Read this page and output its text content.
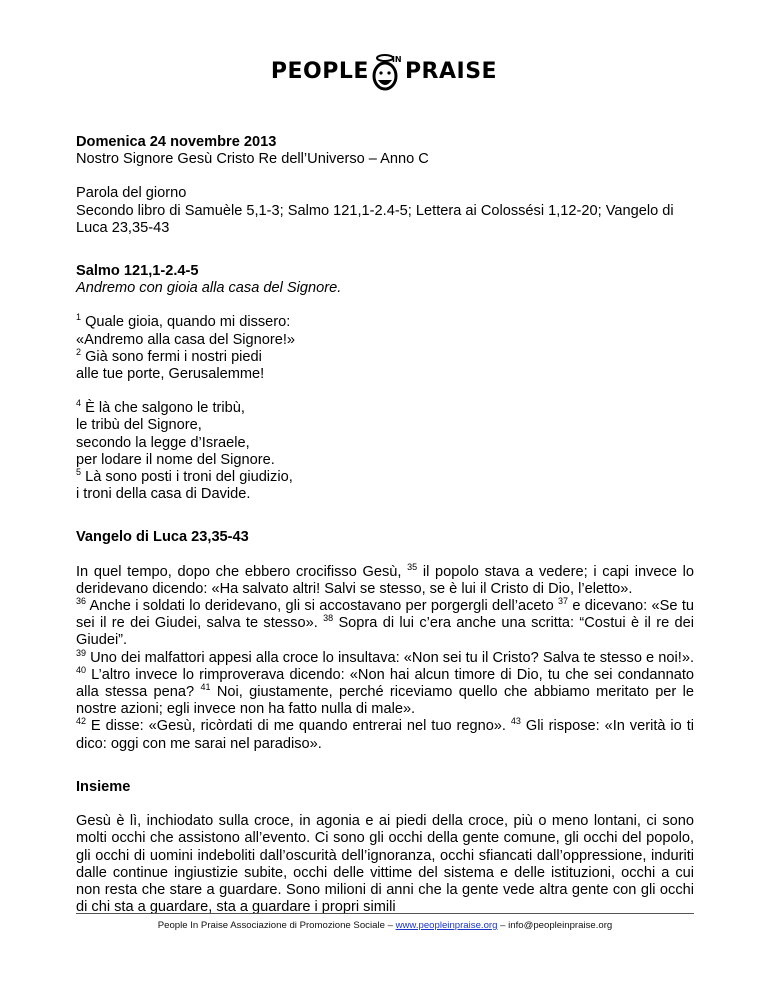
PEOPLE	IN PRAISE

Domenica 24 novembre 2013

Nostro Signore Gesù Cristo Re dell’Universo – Anno C

Parola del giorno

Secondo libro di Samuèle 5,1-3; Salmo 121,1-2.4-5; Lettera ai Colossési 1,12-20; Vangelo di Luca 23,35-43

Salmo 121,1-2.4-5

Andremo con gioia alla casa del Signore.

$^1$ Quale gioia, quando mi dissero:

«Andremo alla casa del Signore!»

$^2$ Già sono fermi i nostri piedi

alle tue porte, Gerusalemme!

$^4$ È là che salgono le tribù,

le tribù del Signore,

secondo la legge d’Israele,

per lodare il nome del Signore.

$^5$ Là sono posti i troni del giudizio,

i troni della casa di Davide.

Vangelo di Luca 23,35-43

In quel tempo, dopo che ebbero crocifisso Gesù, $^{35}$ il popolo stava a vedere; i capi invece lo deridevano dicendo: «Ha salvato altri! Salvi se stesso, se è lui il Cristo di Dio, l’eletto».

$^{36}$ Anche i soldati lo deridevano, gli si accostavano per porgergli dell’aceto $^{37}$ e dicevano: «Se tu sei il re dei Giudei, salva te stesso». $^{38}$ Sopra di lui c’era anche una scritta: “Costui è il re dei Giudei”.

$^{39}$ Uno dei malfattori appesi alla croce lo insultava: «Non sei tu il Cristo? Salva te stesso e noi!». $^{40}$ L’altro invece lo rimproverava dicendo: «Non hai alcun timore di Dio, tu che sei condannato alla stessa pena? $^{41}$ Noi, giustamente, perché riceviamo quello che abbiamo meritato per le nostre azioni; egli invece non ha fatto nulla di male».

$^{42}$ E disse: «Gesù, ricòrdati di me quando entrerai nel tuo regno». $^{43}$ Gli rispose: «In verità io ti dico: oggi con me sarai nel paradiso».

Insieme

Gesù è lì, inchiodato sulla croce, in agonia e ai piedi della croce, più o meno lontani, ci sono molti occhi che assistono all’evento. Ci sono gli occhi della gente comune, gli occhi del popolo, gli occhi di uomini indeboliti dall’oscurità dell’ignoranza, occhi sfiancati dall’oppressione, induriti dalle continue ingiustizie subite, occhi delle vittime del sistema e delle istituzioni, occhi a cui non resta che stare a guardare. Sono milioni di anni che la gente vede altra gente con gli occhi di chi sta a guardare, sta a guardare i propri simili

People In Praise Associazione di Promozione Sociale – www.peopleinpraise.org – info@peopleinpraise.org
